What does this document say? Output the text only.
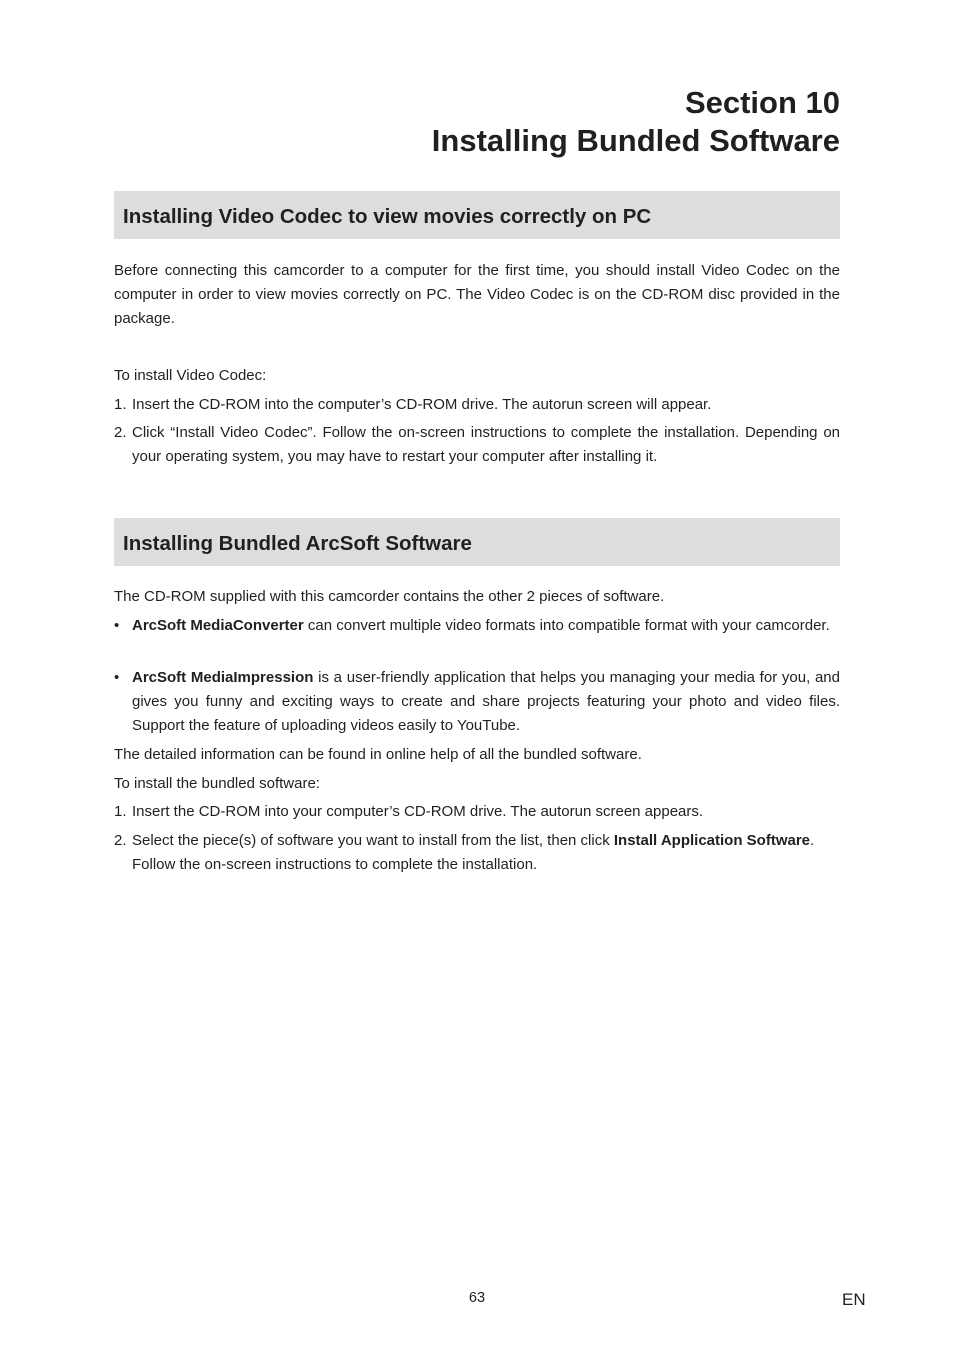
Section 10
Installing Bundled Software
Installing Video Codec to view movies correctly on PC

Before connecting this camcorder to a computer for the first time, you should install Video Codec on the computer in order to view movies correctly on PC. The Video Codec is on the CD-ROM disc provided in the package.

To install Video Codec:

1. Insert the CD-ROM into the computer’s CD-ROM drive. The autorun screen will appear.
2. Click “Install Video Codec”. Follow the on-screen instructions to complete the installation. Depending on your operating system, you may have to restart your computer after installing it.
Installing Bundled ArcSoft Software

The CD-ROM supplied with this camcorder contains the other 2 pieces of software.

• ArcSoft MediaConverter can convert multiple video formats into compatible format with your camcorder.
• ArcSoft MediaImpression is a user-friendly application that helps you managing your media for you, and gives you funny and exciting ways to create and share projects featuring your photo and video files. Support the feature of uploading videos easily to YouTube.

The detailed information can be found in online help of all the bundled software.

To install the bundled software:

1. Insert the CD-ROM into your computer’s CD-ROM drive. The autorun screen appears.
2. Select the piece(s) of software you want to install from the list, then click Install Application Software. Follow the on-screen instructions to complete the installation.
63	EN
